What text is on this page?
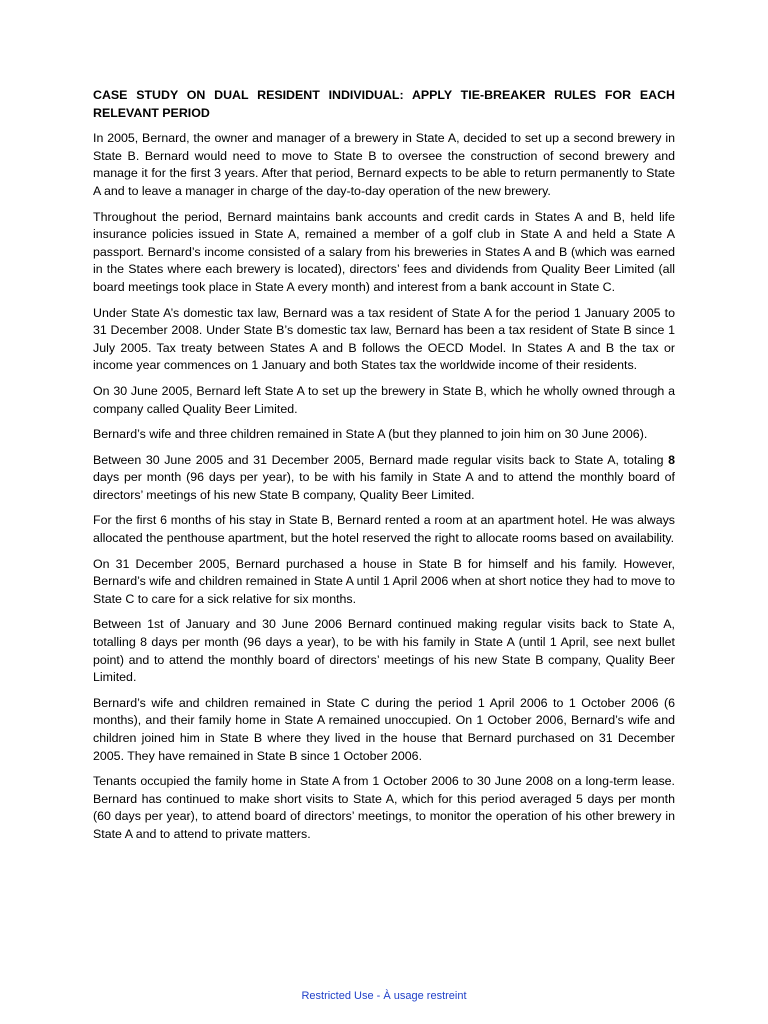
CASE STUDY ON DUAL RESIDENT INDIVIDUAL: APPLY TIE-BREAKER RULES FOR EACH RELEVANT PERIOD

In 2005, Bernard, the owner and manager of a brewery in State A, decided to set up a second brewery in State B. Bernard would need to move to State B to oversee the construction of second brewery and manage it for the first 3 years. After that period, Bernard expects to be able to return permanently to State A and to leave a manager in charge of the day-to-day operation of the new brewery.

Throughout the period, Bernard maintains bank accounts and credit cards in States A and B, held life insurance policies issued in State A, remained a member of a golf club in State A and held a State A passport. Bernard’s income consisted of a salary from his breweries in States A and B (which was earned in the States where each brewery is located), directors’ fees and dividends from Quality Beer Limited (all board meetings took place in State A every month) and interest from a bank account in State C.

Under State A’s domestic tax law, Bernard was a tax resident of State A for the period 1 January 2005 to 31 December 2008. Under State B’s domestic tax law, Bernard has been a tax resident of State B since 1 July 2005. Tax treaty between States A and B follows the OECD Model. In States A and B the tax or income year commences on 1 January and both States tax the worldwide income of their residents.

On 30 June 2005, Bernard left State A to set up the brewery in State B, which he wholly owned through a company called Quality Beer Limited.

Bernard’s wife and three children remained in State A (but they planned to join him on 30 June 2006).

Between 30 June 2005 and 31 December 2005, Bernard made regular visits back to State A, totaling 8 days per month (96 days per year), to be with his family in State A and to attend the monthly board of directors’ meetings of his new State B company, Quality Beer Limited.

For the first 6 months of his stay in State B, Bernard rented a room at an apartment hotel. He was always allocated the penthouse apartment, but the hotel reserved the right to allocate rooms based on availability.

On 31 December 2005, Bernard purchased a house in State B for himself and his family. However, Bernard’s wife and children remained in State A until 1 April 2006 when at short notice they had to move to State C to care for a sick relative for six months.

Between 1st of January and 30 June 2006 Bernard continued making regular visits back to State A, totalling 8 days per month (96 days a year), to be with his family in State A (until 1 April, see next bullet point) and to attend the monthly board of directors’ meetings of his new State B company, Quality Beer Limited.

Bernard’s wife and children remained in State C during the period 1 April 2006 to 1 October 2006 (6 months), and their family home in State A remained unoccupied. On 1 October 2006, Bernard’s wife and children joined him in State B where they lived in the house that Bernard purchased on 31 December 2005. They have remained in State B since 1 October 2006.

Tenants occupied the family home in State A from 1 October 2006 to 30 June 2008 on a long-term lease. Bernard has continued to make short visits to State A, which for this period averaged 5 days per month (60 days per year), to attend board of directors’ meetings, to monitor the operation of his other brewery in State A and to attend to private matters.

Restricted Use - À usage restreint
